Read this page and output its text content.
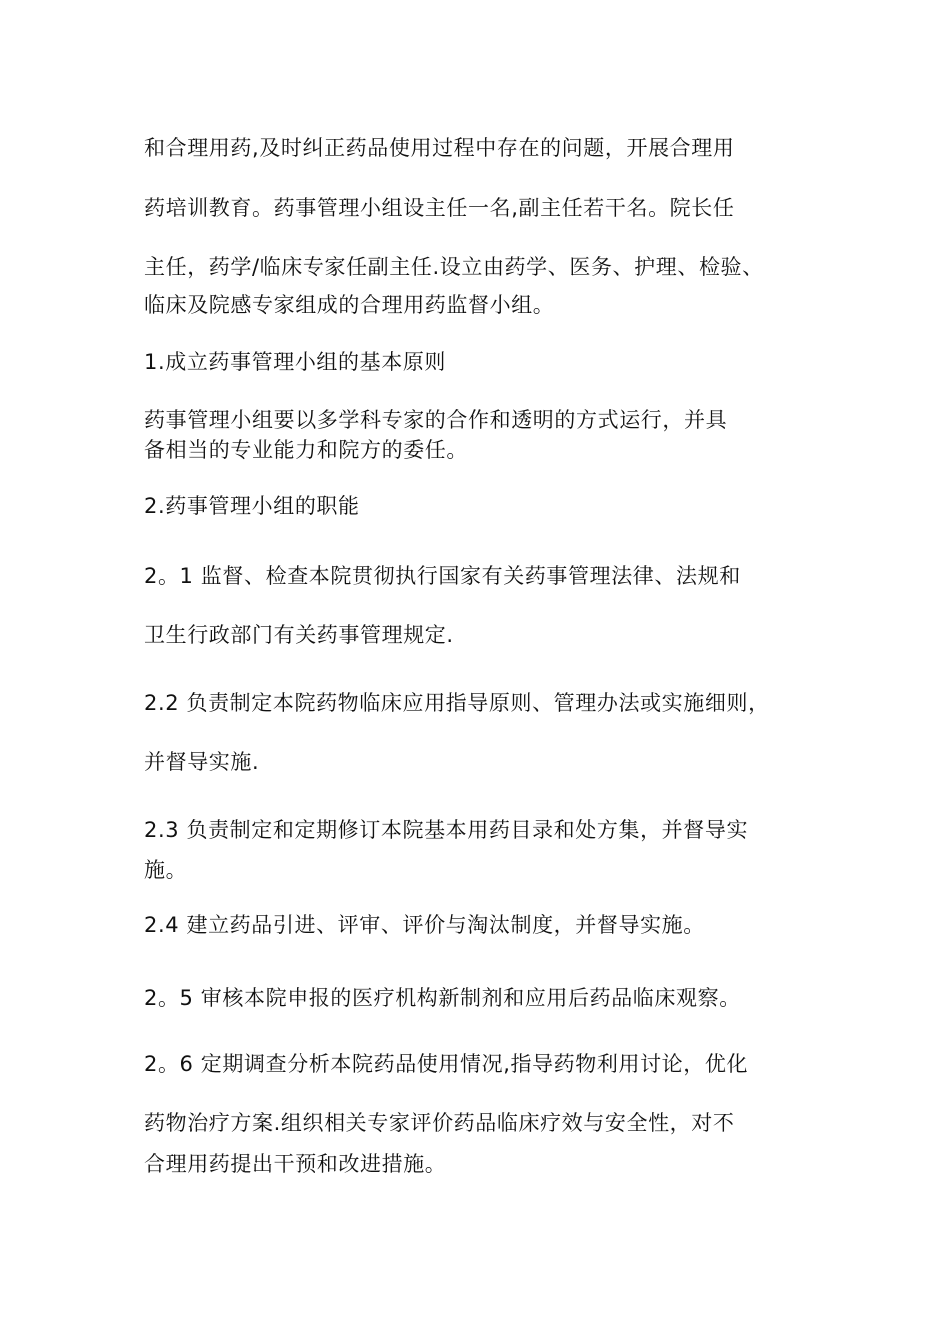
和合理用药,及时纠正药品使用过程中存在的问题，开展合理用
药培训教育。药事管理小组设主任一名,副主任若干名。院长任
主任，药学/临床专家任副主任.设立由药学、医务、护理、检验、
临床及院感专家组成的合理用药监督小组。
1.成立药事管理小组的基本原则
药事管理小组要以多学科专家的合作和透明的方式运行，并具
备相当的专业能力和院方的委任。
2.药事管理小组的职能
2。1 监督、检查本院贯彻执行国家有关药事管理法律、法规和
卫生行政部门有关药事管理规定.
2.2 负责制定本院药物临床应用指导原则、管理办法或实施细则，
并督导实施.
2.3 负责制定和定期修订本院基本用药目录和处方集，并督导实
施。
2.4 建立药品引进、评审、评价与淘汰制度，并督导实施。
2。5 审核本院申报的医疗机构新制剂和应用后药品临床观察。
2。6 定期调查分析本院药品使用情况,指导药物利用讨论，优化
药物治疗方案.组织相关专家评价药品临床疗效与安全性，对不
合理用药提出干预和改进措施。
